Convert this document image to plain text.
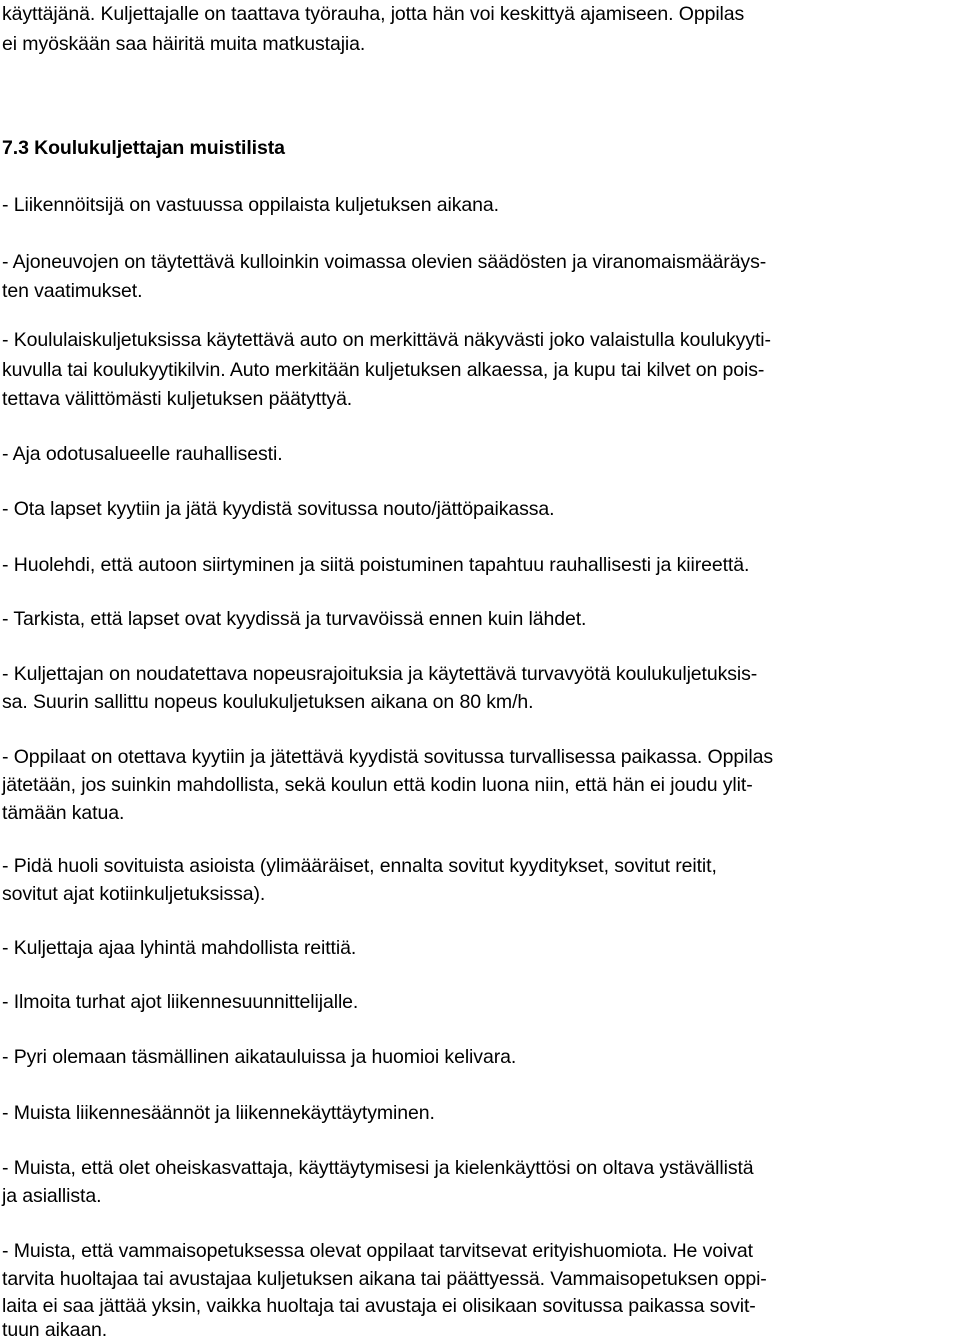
käyttäjänä. Kuljettajalle on taattava työrauha, jotta hän voi keskittyä ajamiseen. Oppilas
ei myöskään saa häiritä muita matkustajia.
7.3 Koulukuljettajan muistilista
- Liikennöitsijä on vastuussa oppilaista kuljetuksen aikana.
- Ajoneuvojen on täytettävä kulloinkin voimassa olevien säädösten ja viranomaismääräys-
ten vaatimukset.
- Koululaiskuljetuksissa käytettävä auto on merkittävä näkyvästi joko valaistulla koulukyyti-
kuvulla tai koulukyytikilvin. Auto merkitään kuljetuksen alkaessa, ja kupu tai kilvet on pois-
tettava välittömästi kuljetuksen päätyttyä.
- Aja odotusalueelle rauhallisesti.
- Ota lapset kyytiin ja jätä kyydistä sovitussa nouto/jättöpaikassa.
- Huolehdi, että autoon siirtyminen ja siitä poistuminen tapahtuu rauhallisesti ja kiireettä.
- Tarkista, että lapset ovat kyydissä ja turvavöissä ennen kuin lähdet.
- Kuljettajan on noudatettava nopeusrajoituksia ja käytettävä turvavyötä koulukuljetuksis-
sa. Suurin sallittu nopeus koulukuljetuksen aikana on 80 km/h.
- Oppilaat on otettava kyytiin ja jätettävä kyydistä sovitussa turvallisessa paikassa. Oppilas
jätetään, jos suinkin mahdollista, sekä koulun että kodin luona niin, että hän ei joudu ylit-
tämään katua.
- Pidä huoli sovituista asioista (ylimääräiset, ennalta sovitut kyyditykset, sovitut reitit,
sovitut ajat kotiinkuljetuksissa).
- Kuljettaja ajaa lyhintä mahdollista reittiä.
- Ilmoita turhat ajot liikennesuunnittelijalle.
- Pyri olemaan täsmällinen aikatauluissa ja huomioi kelivara.
- Muista liikennesäännöt ja liikennekäyttäytyminen.
- Muista, että olet oheiskasvattaja, käyttäytymisesi ja kielenkäyttösi on oltava ystävällistä
ja asiallista.
- Muista, että vammaisopetuksessa olevat oppilaat tarvitsevat erityishuomiota. He voivat
tarvita huoltajaa tai avustajaa kuljetuksen aikana tai päättyessä. Vammaisopetuksen oppi-
laita ei saa jättää yksin, vaikka huoltaja tai avustaja ei olisikaan sovitussa paikassa sovit-
tuun aikaan.
